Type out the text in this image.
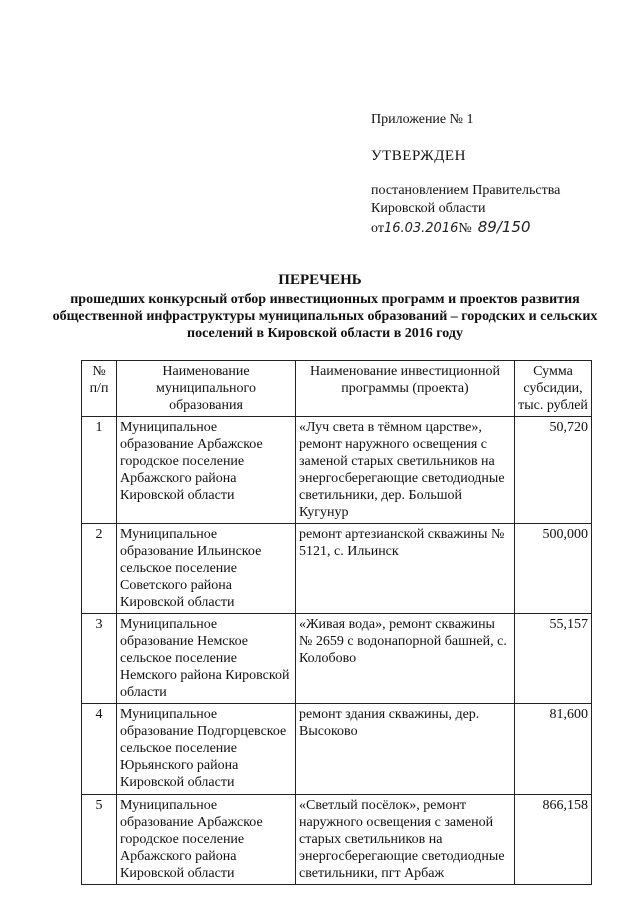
Приложение № 1
УТВЕРЖДЕН
постановлением Правительства
Кировской области
от 16.03.2016 № 89/150
ПЕРЕЧЕНЬ
прошедших конкурсный отбор инвестиционных программ и проектов развития общественной инфраструктуры муниципальных образований – городских и сельских поселений в Кировской области в 2016 году
№ п/п	Наименование муниципального образования	Наименование инвестиционной программы (проекта)	Сумма субсидии, тыс. рублей
1	Муниципальное образование Арбажское городское поселение Арбажского района Кировской области	«Луч света в тёмном царстве», ремонт наружного освещения с заменой старых светильников на энергосберегающие светодиодные светильники, дер. Большой Кугунур	50,720
2	Муниципальное образование Ильинское сельское поселение Советского района Кировской области	ремонт артезианской скважины № 5121, с. Ильинск	500,000
3	Муниципальное образование Немское сельское поселение Немского района Кировской области	«Живая вода», ремонт скважины № 2659 с водонапорной башней, с. Колобово	55,157
4	Муниципальное образование Подгорцевское сельское поселение Юрьянского района Кировской области	ремонт здания скважины, дер. Высоково	81,600
5	Муниципальное образование Арбажское городское поселение Арбажского района Кировской области	«Светлый посёлок», ремонт наружного освещения с заменой старых светильников на энергосберегающие светодиодные светильники, пгт Арбаж	866,158
